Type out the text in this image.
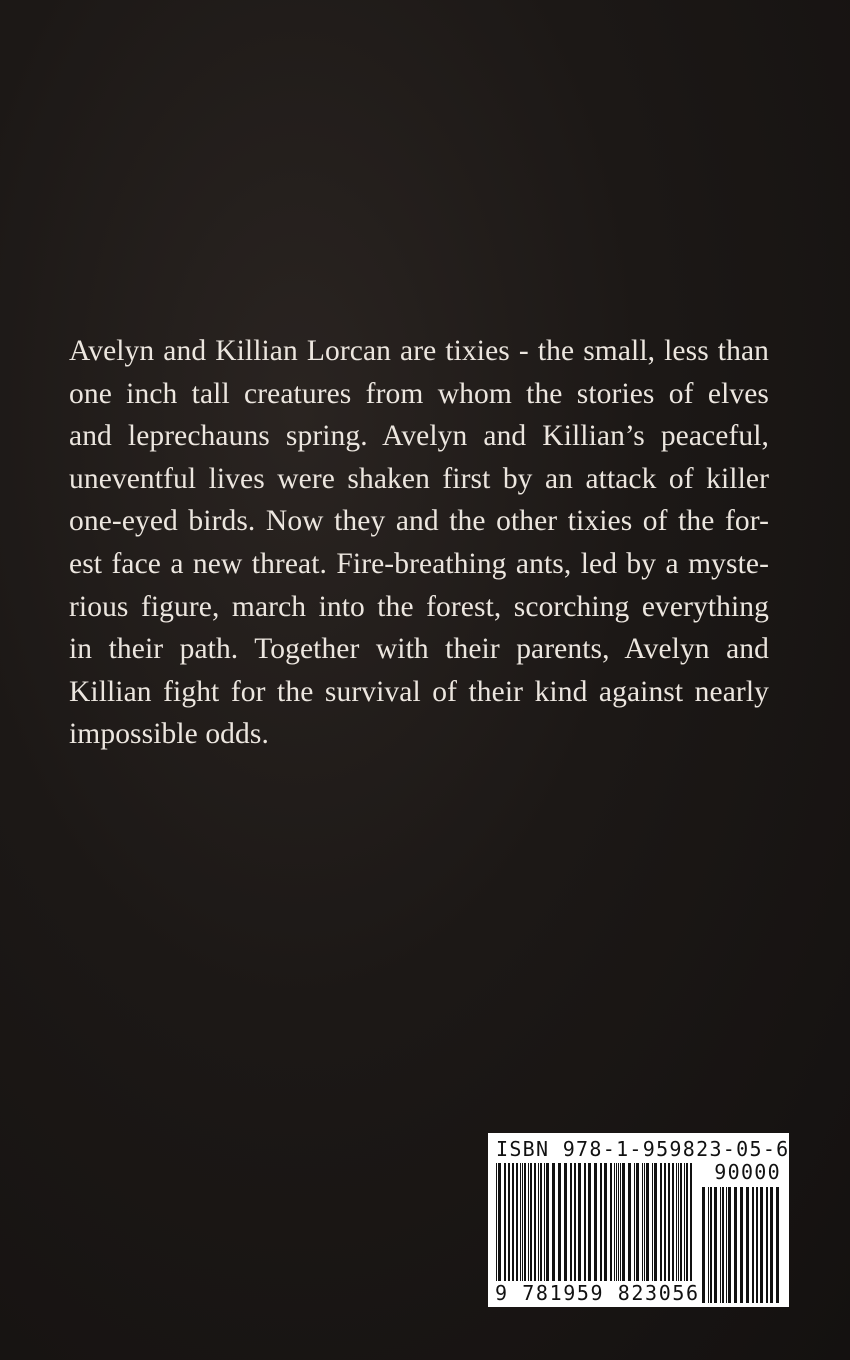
Avelyn and Killian Lorcan are tixies - the small, less than
one inch tall creatures from whom the stories of elves
and leprechauns spring. Avelyn and Killian’s peaceful,
uneventful lives were shaken first by an attack of killer
one-eyed birds. Now they and the other tixies of the for-
est face a new threat. Fire-breathing ants, led by a myste-
rious figure, march into the forest, scorching everything
in their path. Together with their parents, Avelyn and
Killian fight for the survival of their kind against nearly
impossible odds.
ISBN 978-1-959823-05-6
90000
9 781959 823056
